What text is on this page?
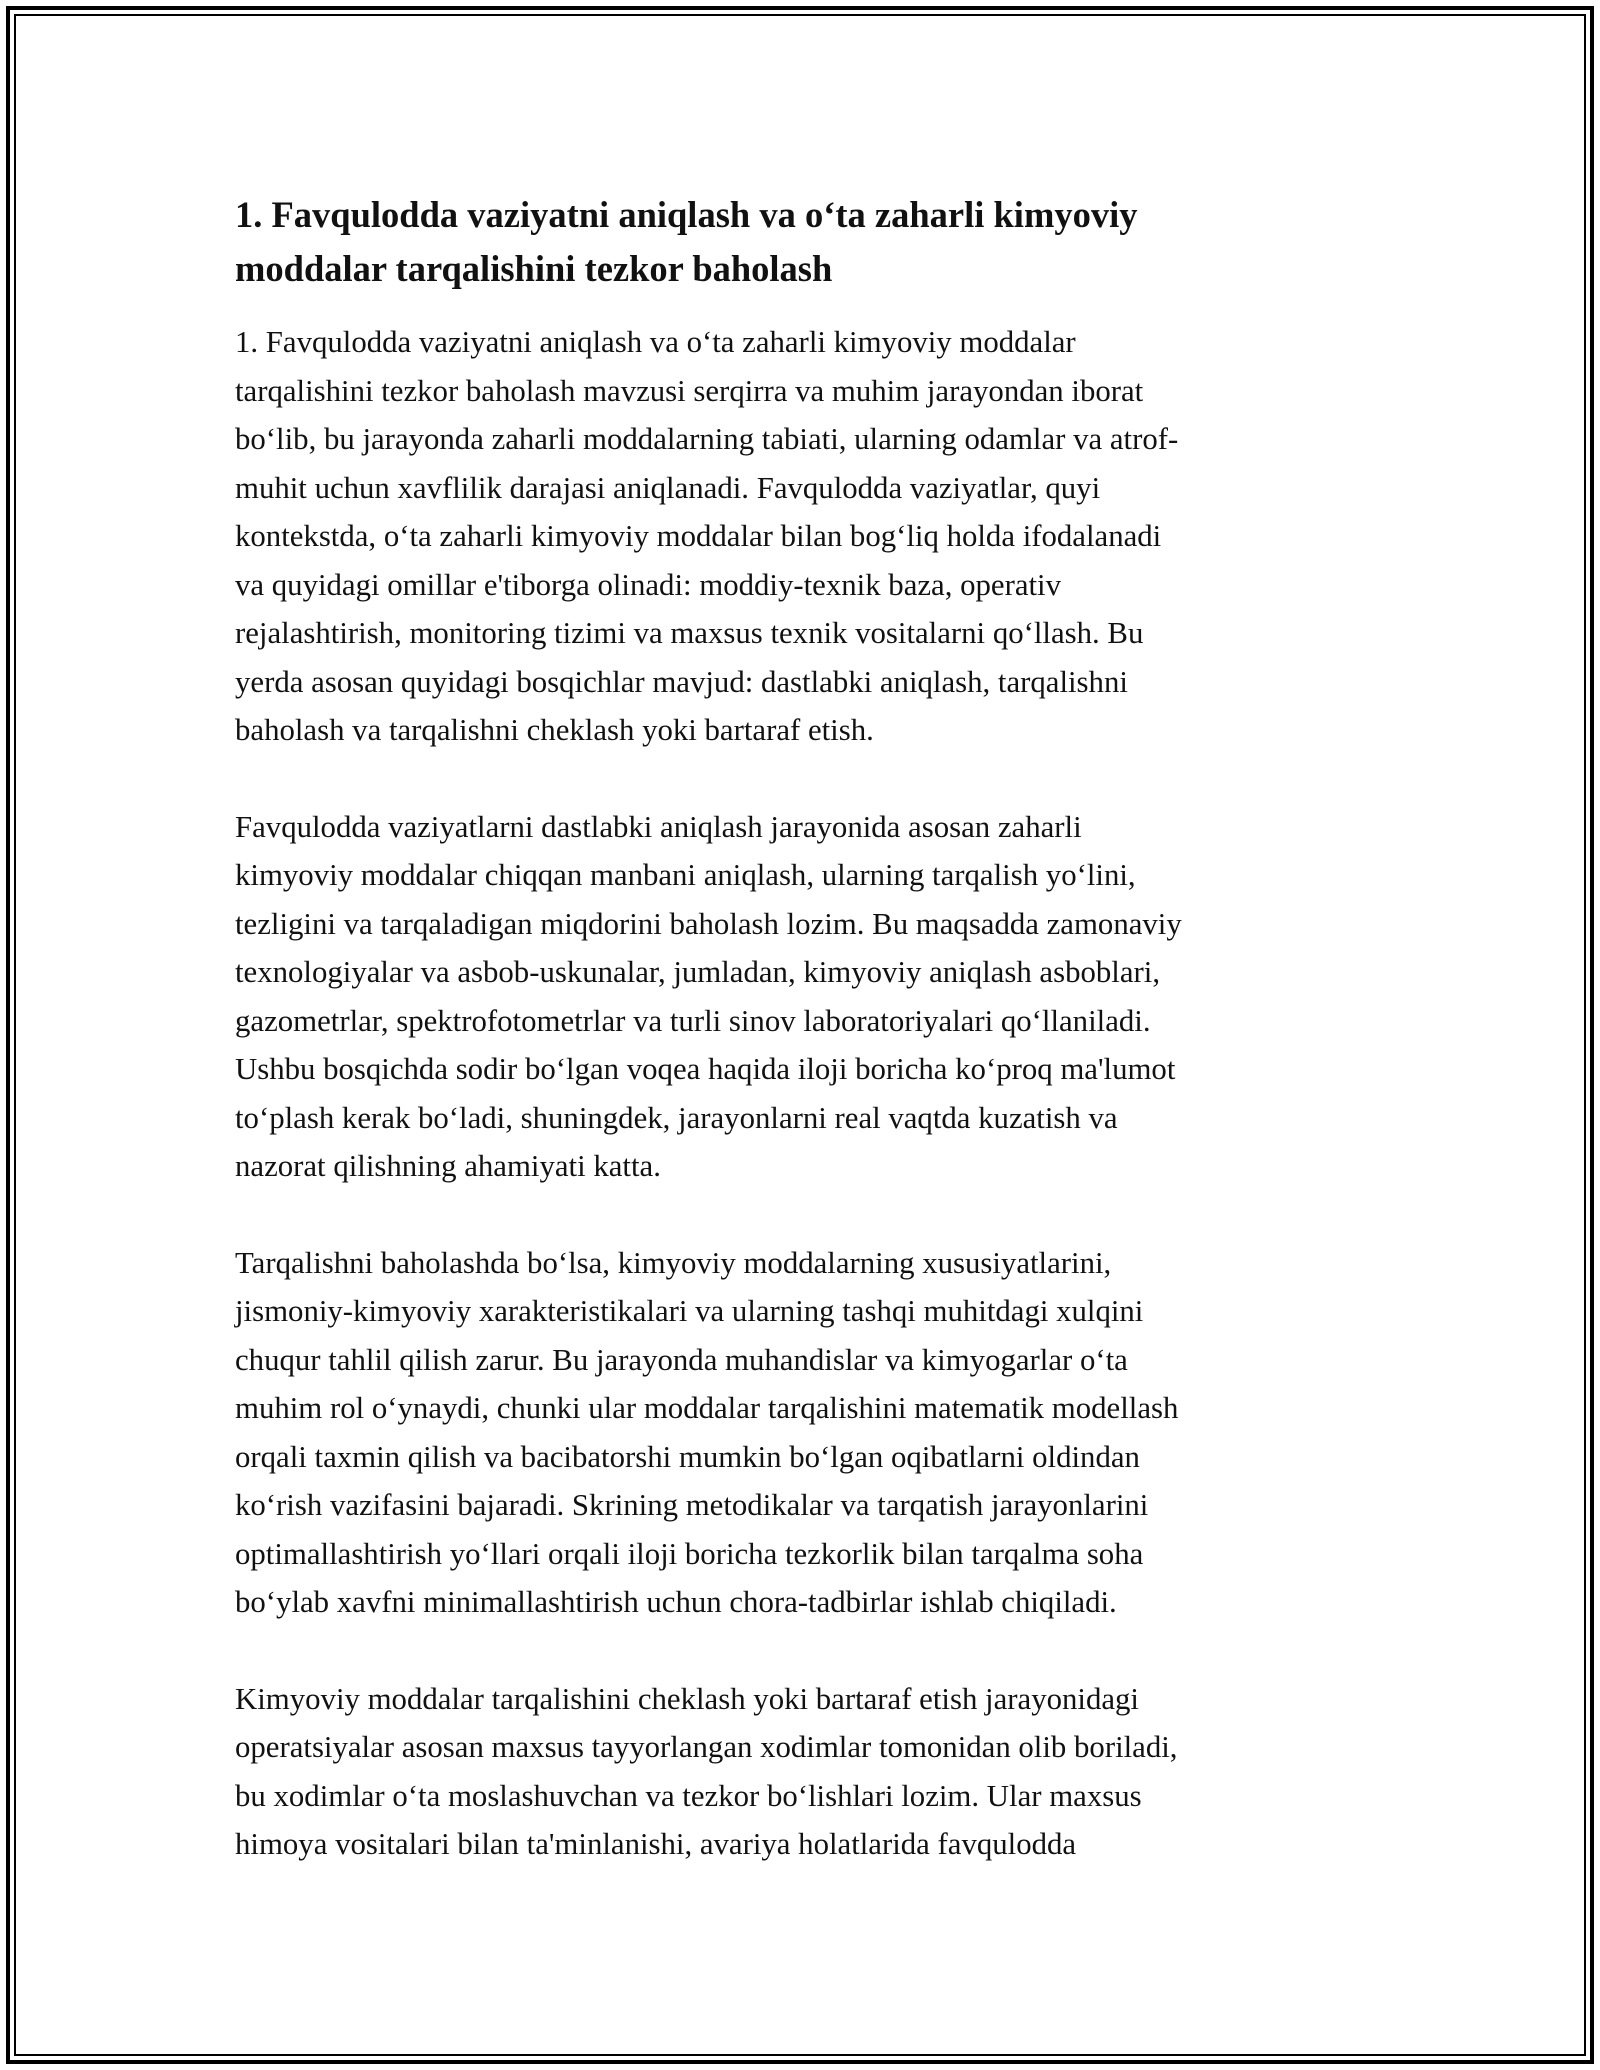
1. Favqulodda vaziyatni aniqlash va o‘ta zaharli kimyoviy
moddalar tarqalishini tezkor baholash

1. Favqulodda vaziyatni aniqlash va o‘ta zaharli kimyoviy moddalar
tarqalishini tezkor baholash mavzusi serqirra va muhim jarayondan iborat
bo‘lib, bu jarayonda zaharli moddalarning tabiati, ularning odamlar va atrof-
muhit uchun xavflilik darajasi aniqlanadi. Favqulodda vaziyatlar, quyi
kontekstda, o‘ta zaharli kimyoviy moddalar bilan bog‘liq holda ifodalanadi
va quyidagi omillar e'tiborga olinadi: moddiy-texnik baza, operativ
rejalashtirish, monitoring tizimi va maxsus texnik vositalarni qo‘llash. Bu
yerda asosan quyidagi bosqichlar mavjud: dastlabki aniqlash, tarqalishni
baholash va tarqalishni cheklash yoki bartaraf etish.

Favqulodda vaziyatlarni dastlabki aniqlash jarayonida asosan zaharli
kimyoviy moddalar chiqqan manbani aniqlash, ularning tarqalish yo‘lini,
tezligini va tarqaladigan miqdorini baholash lozim. Bu maqsadda zamonaviy
texnologiyalar va asbob-uskunalar, jumladan, kimyoviy aniqlash asboblari,
gazometrlar, spektrofotometrlar va turli sinov laboratoriyalari qo‘llaniladi.
Ushbu bosqichda sodir bo‘lgan voqea haqida iloji boricha ko‘proq ma'lumot
to‘plash kerak bo‘ladi, shuningdek, jarayonlarni real vaqtda kuzatish va
nazorat qilishning ahamiyati katta.

Tarqalishni baholashda bo‘lsa, kimyoviy moddalarning xususiyatlarini,
jismoniy-kimyoviy xarakteristikalari va ularning tashqi muhitdagi xulqini
chuqur tahlil qilish zarur. Bu jarayonda muhandislar va kimyogarlar o‘ta
muhim rol o‘ynaydi, chunki ular moddalar tarqalishini matematik modellash
orqali taxmin qilish va bacibatorshi mumkin bo‘lgan oqibatlarni oldindan
ko‘rish vazifasini bajaradi. Skrining metodikalar va tarqatish jarayonlarini
optimallashtirish yo‘llari orqali iloji boricha tezkorlik bilan tarqalma soha
bo‘ylab xavfni minimallashtirish uchun chora-tadbirlar ishlab chiqiladi.

Kimyoviy moddalar tarqalishini cheklash yoki bartaraf etish jarayonidagi
operatsiyalar asosan maxsus tayyorlangan xodimlar tomonidan olib boriladi,
bu xodimlar o‘ta moslashuvchan va tezkor bo‘lishlari lozim. Ular maxsus
himoya vositalari bilan ta'minlanishi, avariya holatlarida favqulodda
